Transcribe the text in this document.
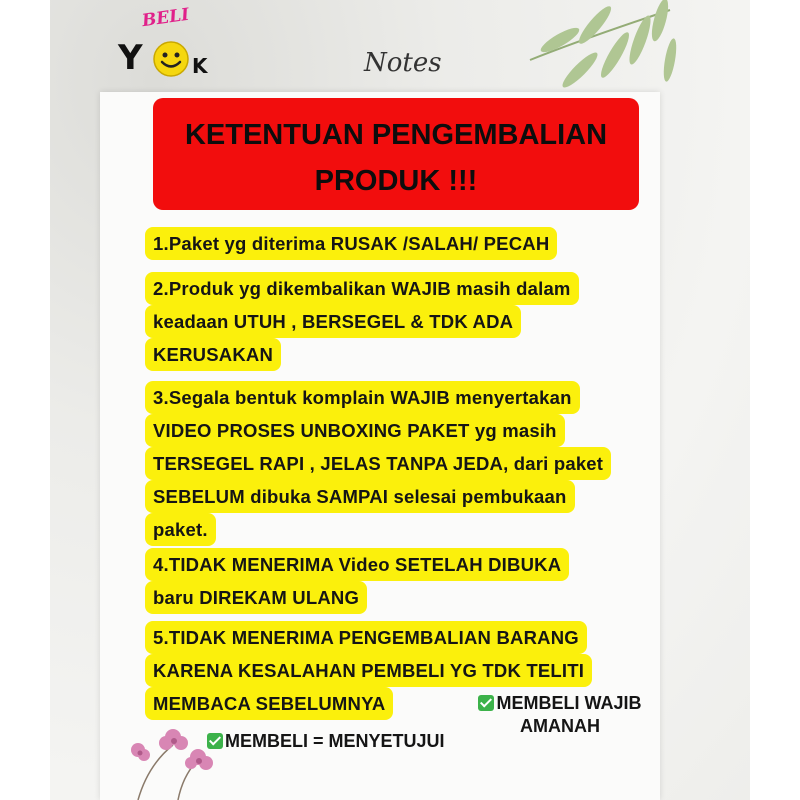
BELI
Y	K	Notes
KETENTUAN PENGEMBALIAN
PRODUK !!!
1.Paket yg diterima RUSAK /SALAH/ PECAH
2.Produk yg dikembalikan WAJIB masih dalam
keadaan UTUH , BERSEGEL & TDK ADA
KERUSAKAN
3.Segala bentuk komplain WAJIB menyertakan
VIDEO PROSES UNBOXING PAKET yg masih
TERSEGEL RAPI , JELAS TANPA JEDA, dari paket
SEBELUM dibuka SAMPAI selesai pembukaan
paket.
4.TIDAK MENERIMA Video SETELAH DIBUKA
baru DIREKAM ULANG
5.TIDAK MENERIMA PENGEMBALIAN BARANG
KARENA KESALAHAN PEMBELI YG TDK TELITI
MEMBACA SEBELUMNYA	MEMBELI WAJIB
AMANAH
MEMBELI = MENYETUJUI
